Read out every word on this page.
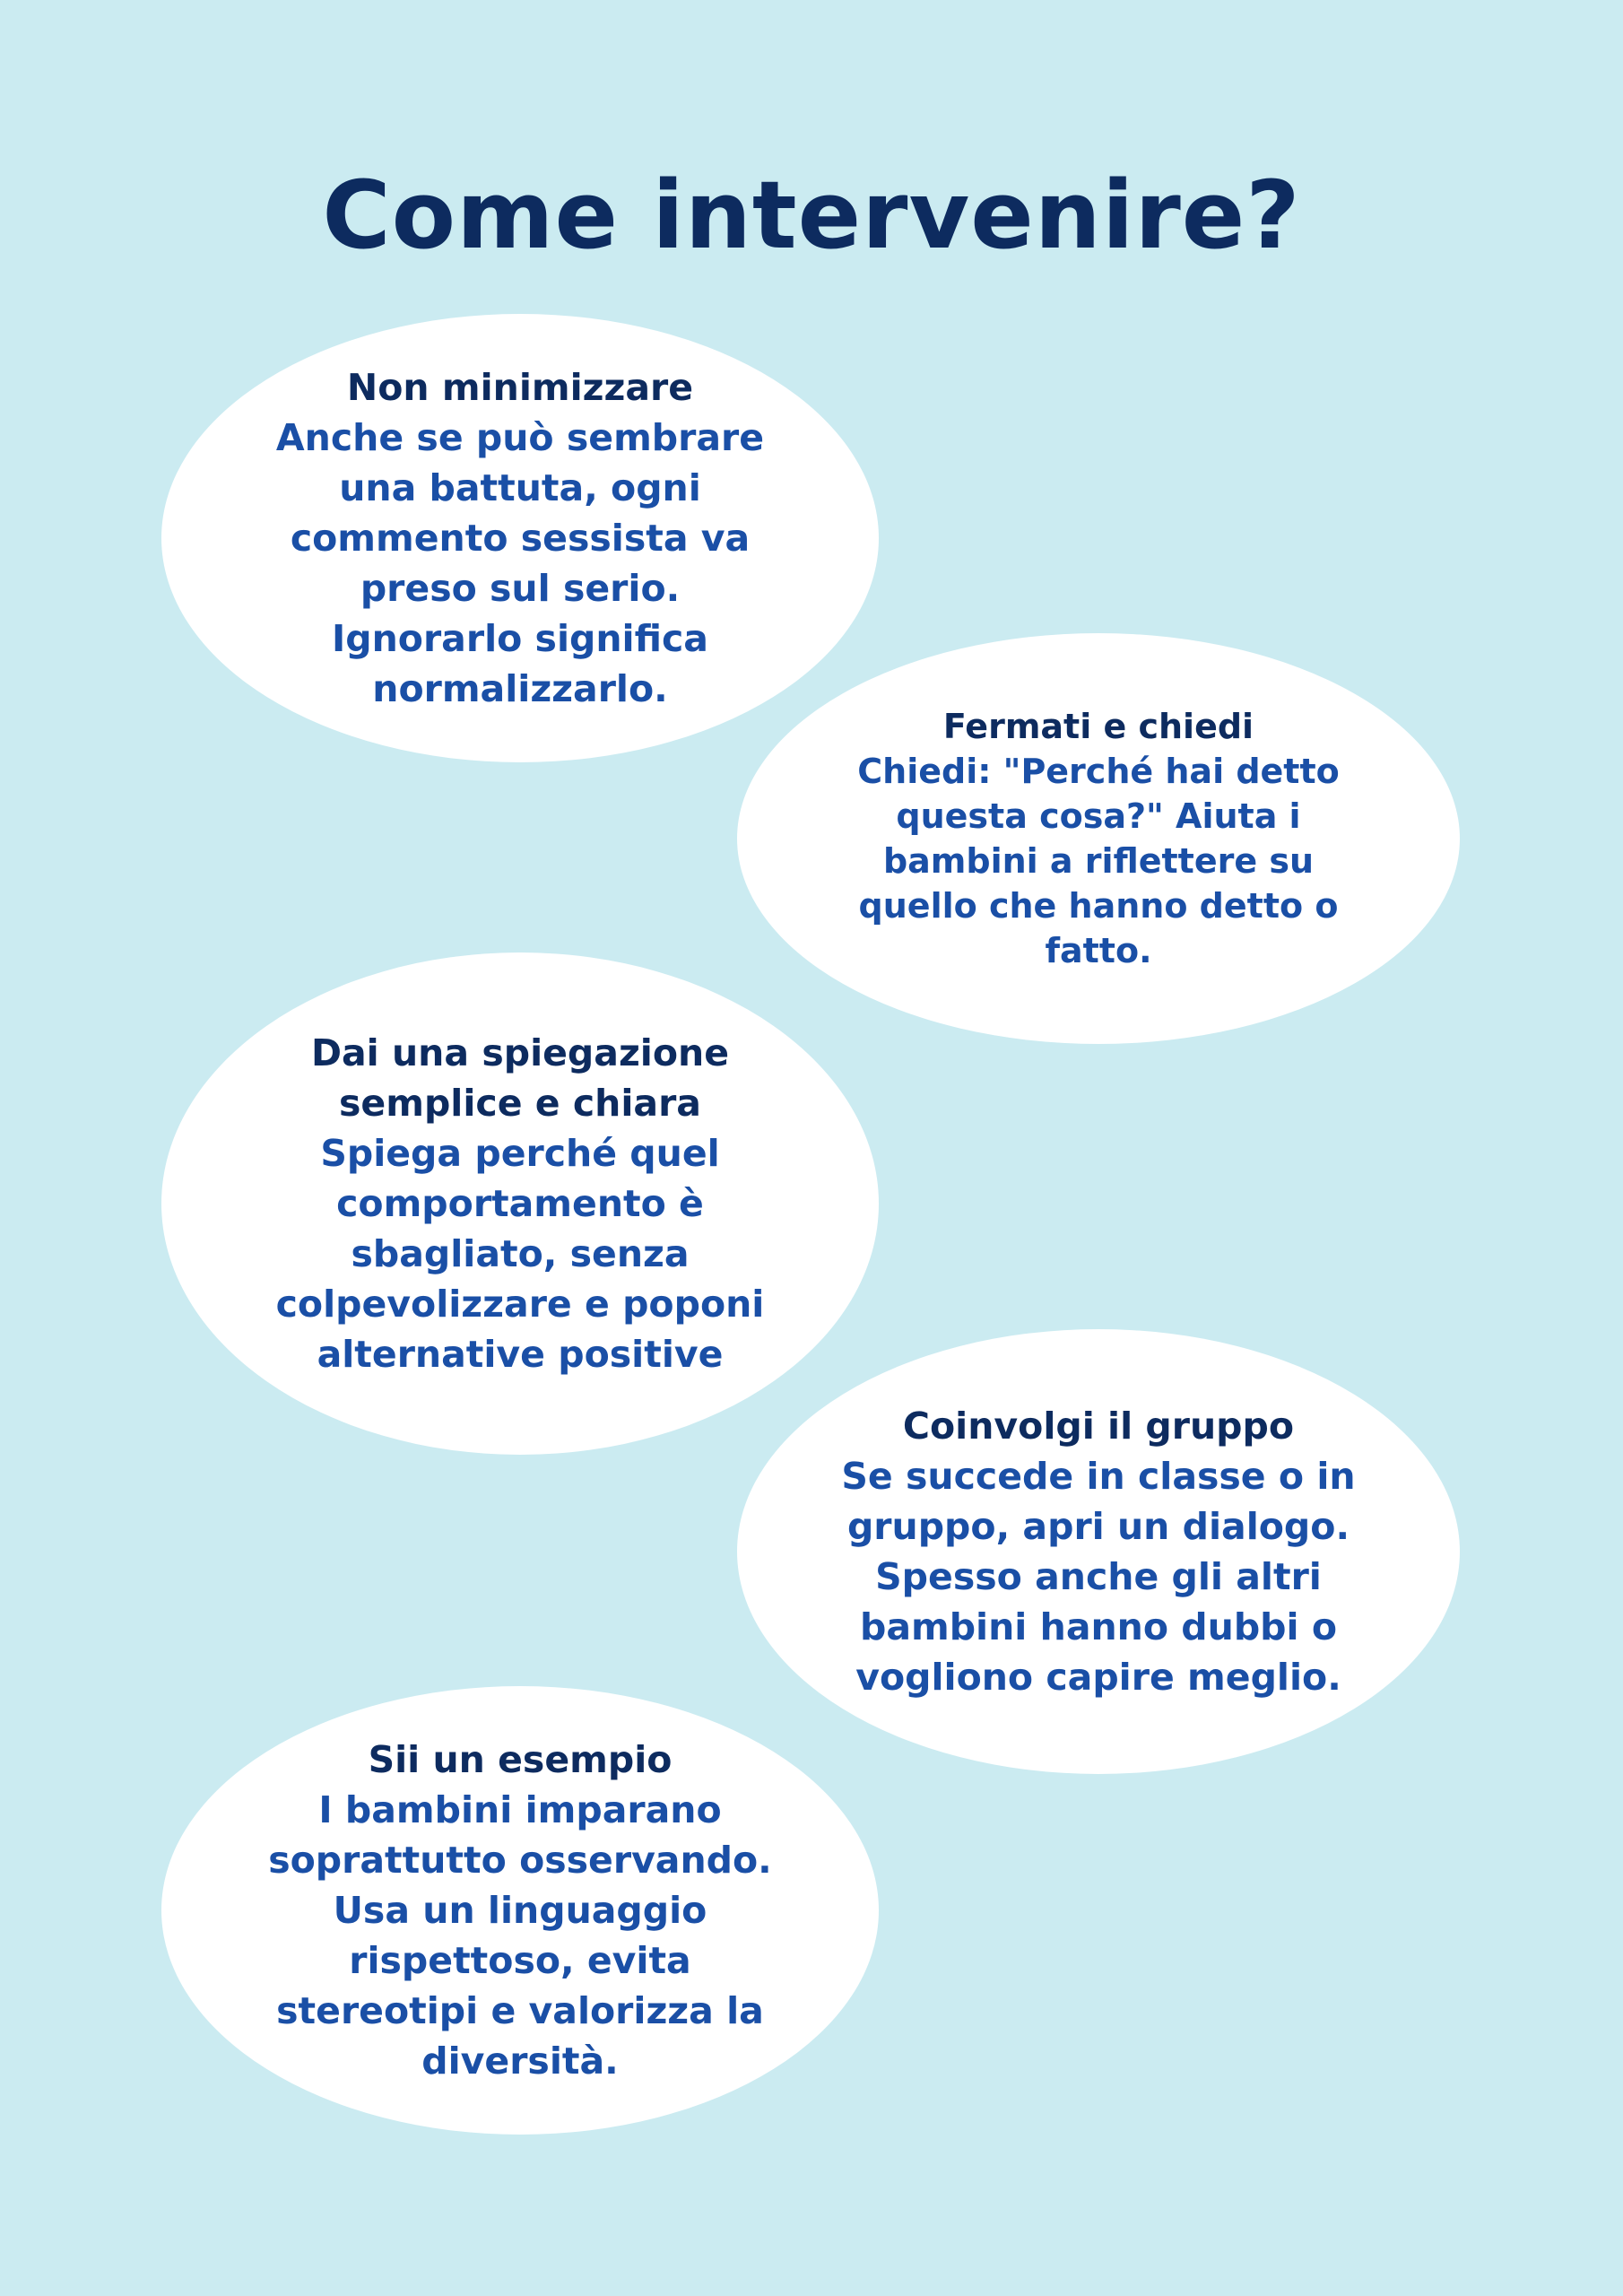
Come intervenire?
Non minimizzare
Anche se può sembrare una battuta, ogni commento sessista va preso sul serio. Ignorarlo significa normalizzarlo.
Fermati e chiedi
Chiedi: "Perché hai detto questa cosa?" Aiuta i bambini a riflettere su quello che hanno detto o fatto.
Dai una spiegazione semplice e chiara
Spiega perché quel comportamento è sbagliato, senza colpevolizzare e poponi alternative positive
Coinvolgi il gruppo
Se succede in classe o in gruppo, apri un dialogo. Spesso anche gli altri bambini hanno dubbi o vogliono capire meglio.
Sii un esempio
I bambini imparano soprattutto osservando. Usa un linguaggio rispettoso, evita stereotipi e valorizza la diversità.
